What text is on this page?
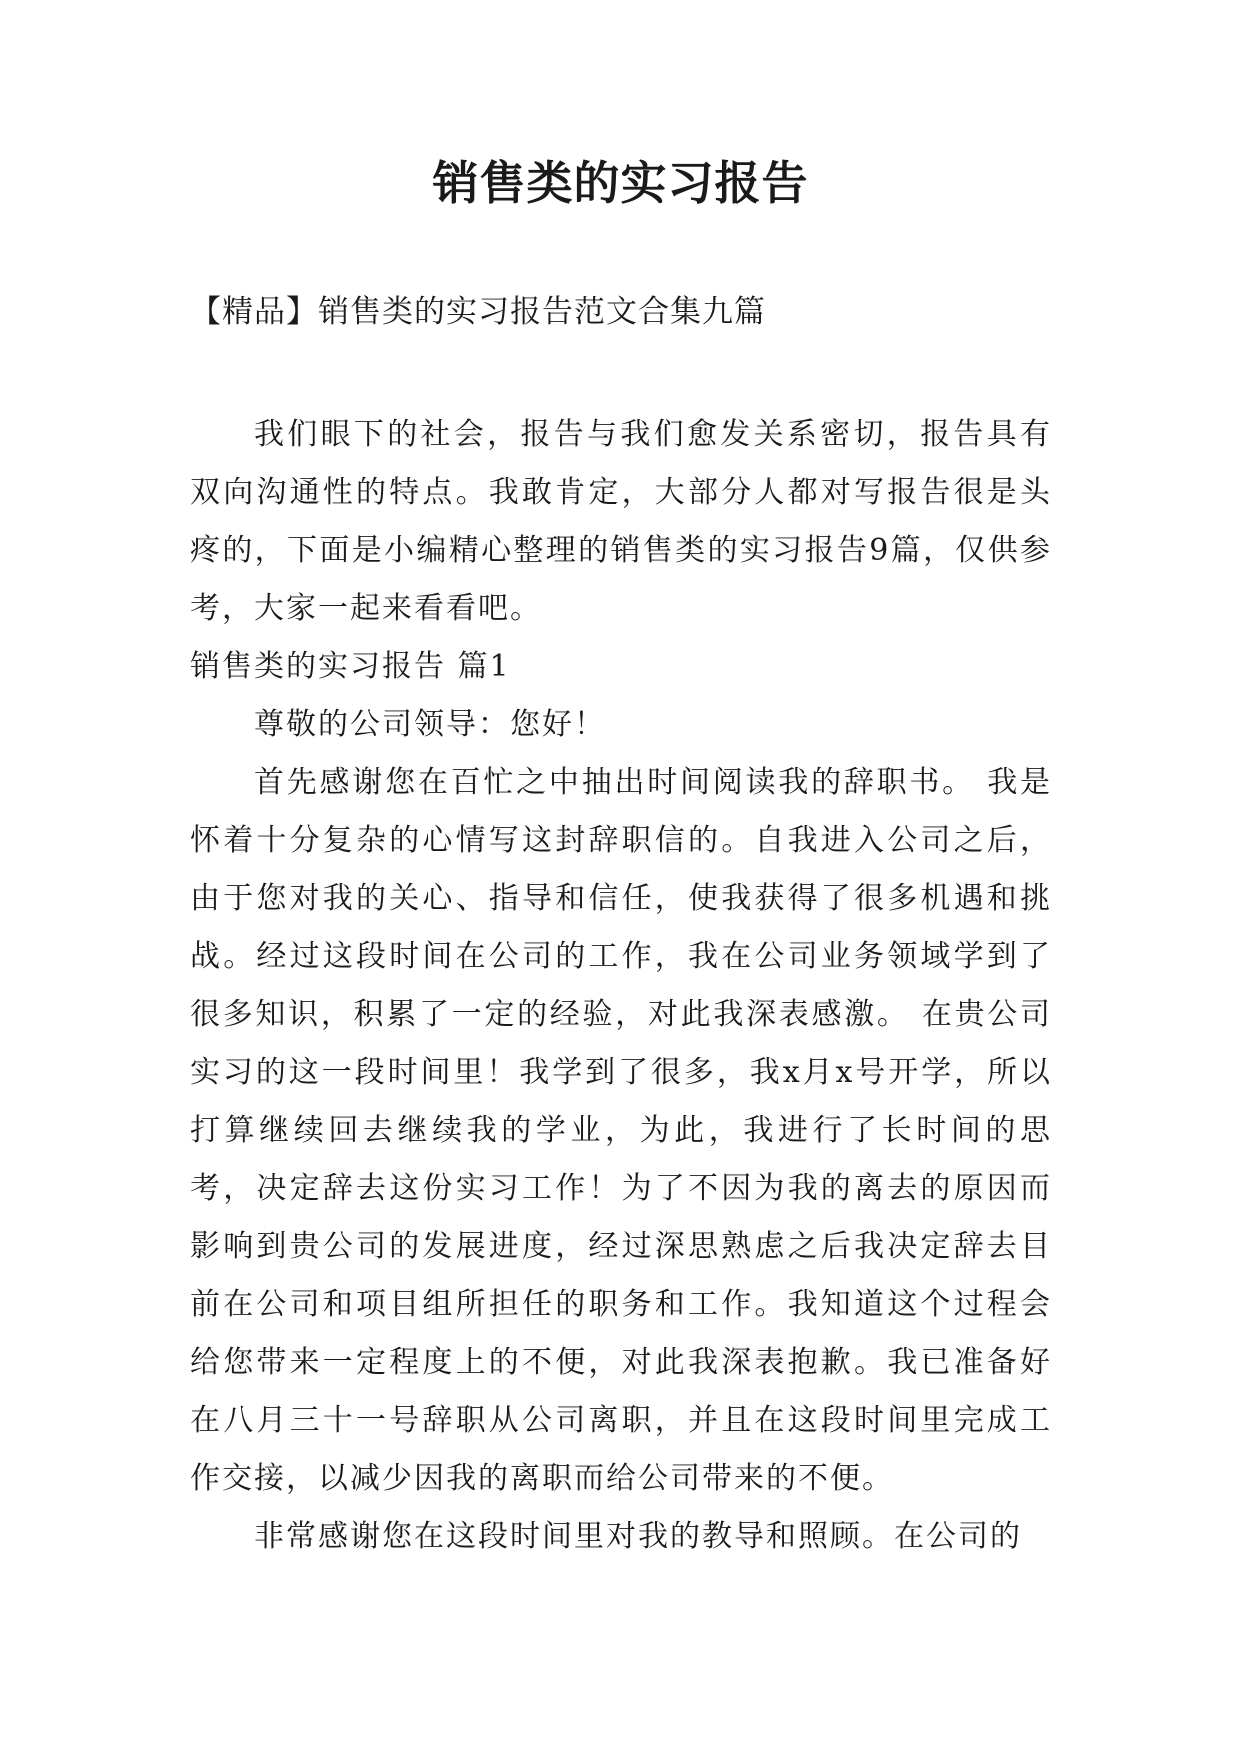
销售类的实习报告
【精品】销售类的实习报告范文合集九篇

我们眼下的社会，报告与我们愈发关系密切，报告具有双向沟通性的特点。我敢肯定，大部分人都对写报告很是头疼的，下面是小编精心整理的销售类的实习报告9篇，仅供参考，大家一起来看看吧。

销售类的实习报告 篇1

尊敬的公司领导：您好！

首先感谢您在百忙之中抽出时间阅读我的辞职书。 我是怀着十分复杂的心情写这封辞职信的。自我进入公司之后，由于您对我的关心、指导和信任，使我获得了很多机遇和挑战。经过这段时间在公司的工作，我在公司业务领域学到了很多知识，积累了一定的经验，对此我深表感激。 在贵公司实习的这一段时间里！我学到了很多，我x月x号开学，所以打算继续回去继续我的学业，为此，我进行了长时间的思考，决定辞去这份实习工作！为了不因为我的离去的原因而影响到贵公司的发展进度，经过深思熟虑之后我决定辞去目前在公司和项目组所担任的职务和工作。我知道这个过程会给您带来一定程度上的不便，对此我深表抱歉。我已准备好在八月三十一号辞职从公司离职，并且在这段时间里完成工作交接，以减少因我的离职而给公司带来的不便。

非常感谢您在这段时间里对我的教导和照顾。在公司的
